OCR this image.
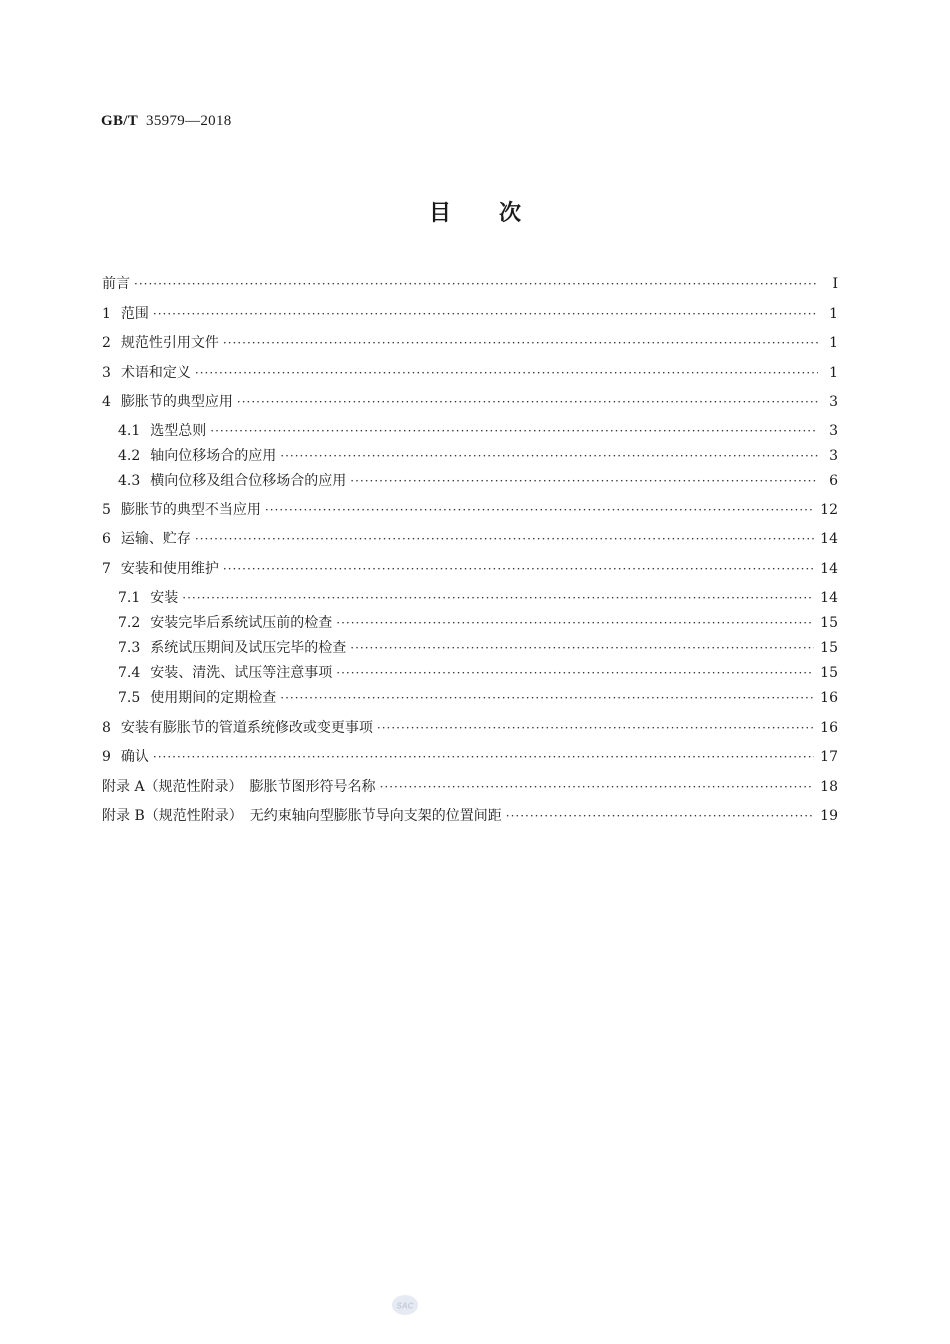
GB/T 35979—2018
目次
前言 ·····	Ⅰ
1 范围 ·····	1
2 规范性引用文件 ·····	1
3 术语和定义 ·····	1
4 膨胀节的典型应用 ·····	3
4.1 选型总则 ·····	3
4.2 轴向位移场合的应用 ·····	3
4.3 横向位移及组合位移场合的应用 ·····	6
5 膨胀节的典型不当应用 ·····	12
6 运输、贮存 ·····	14
7 安装和使用维护 ·····	14
7.1 安装 ·····	14
7.2 安装完毕后系统试压前的检查 ·····	15
7.3 系统试压期间及试压完毕的检查 ·····	15
7.4 安装、清洗、试压等注意事项 ·····	15
7.5 使用期间的定期检查 ·····	16
8 安装有膨胀节的管道系统修改或变更事项 ·····	16
9 确认 ·····	17
附录 A（规范性附录）　膨胀节图形符号名称 ·····	18
附录 B（规范性附录）　无约束轴向型膨胀节导向支架的位置间距 ·····	19
SAC
